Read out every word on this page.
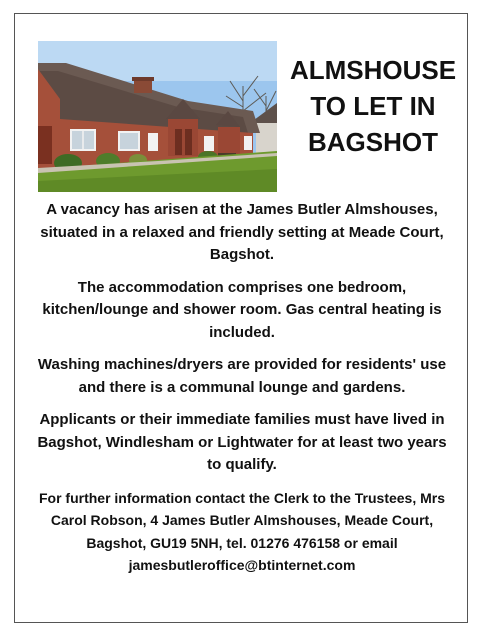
ALMSHOUSE
TO LET IN
BAGSHOT

A vacancy has arisen at the James Butler Almshouses, situated in a relaxed and friendly setting at Meade Court, Bagshot.

The accommodation comprises one bedroom, kitchen/lounge and shower room. Gas central heating is included.

Washing machines/dryers are provided for residents' use and there is a communal lounge and gardens.

Applicants or their immediate families must have lived in Bagshot, Windlesham or Lightwater for at least two years to qualify.

For further information contact the Clerk to the Trustees, Mrs Carol Robson, 4 James Butler Almshouses, Meade Court, Bagshot, GU19 5NH, tel. 01276 476158 or email jamesbutleroffice@btinternet.com
